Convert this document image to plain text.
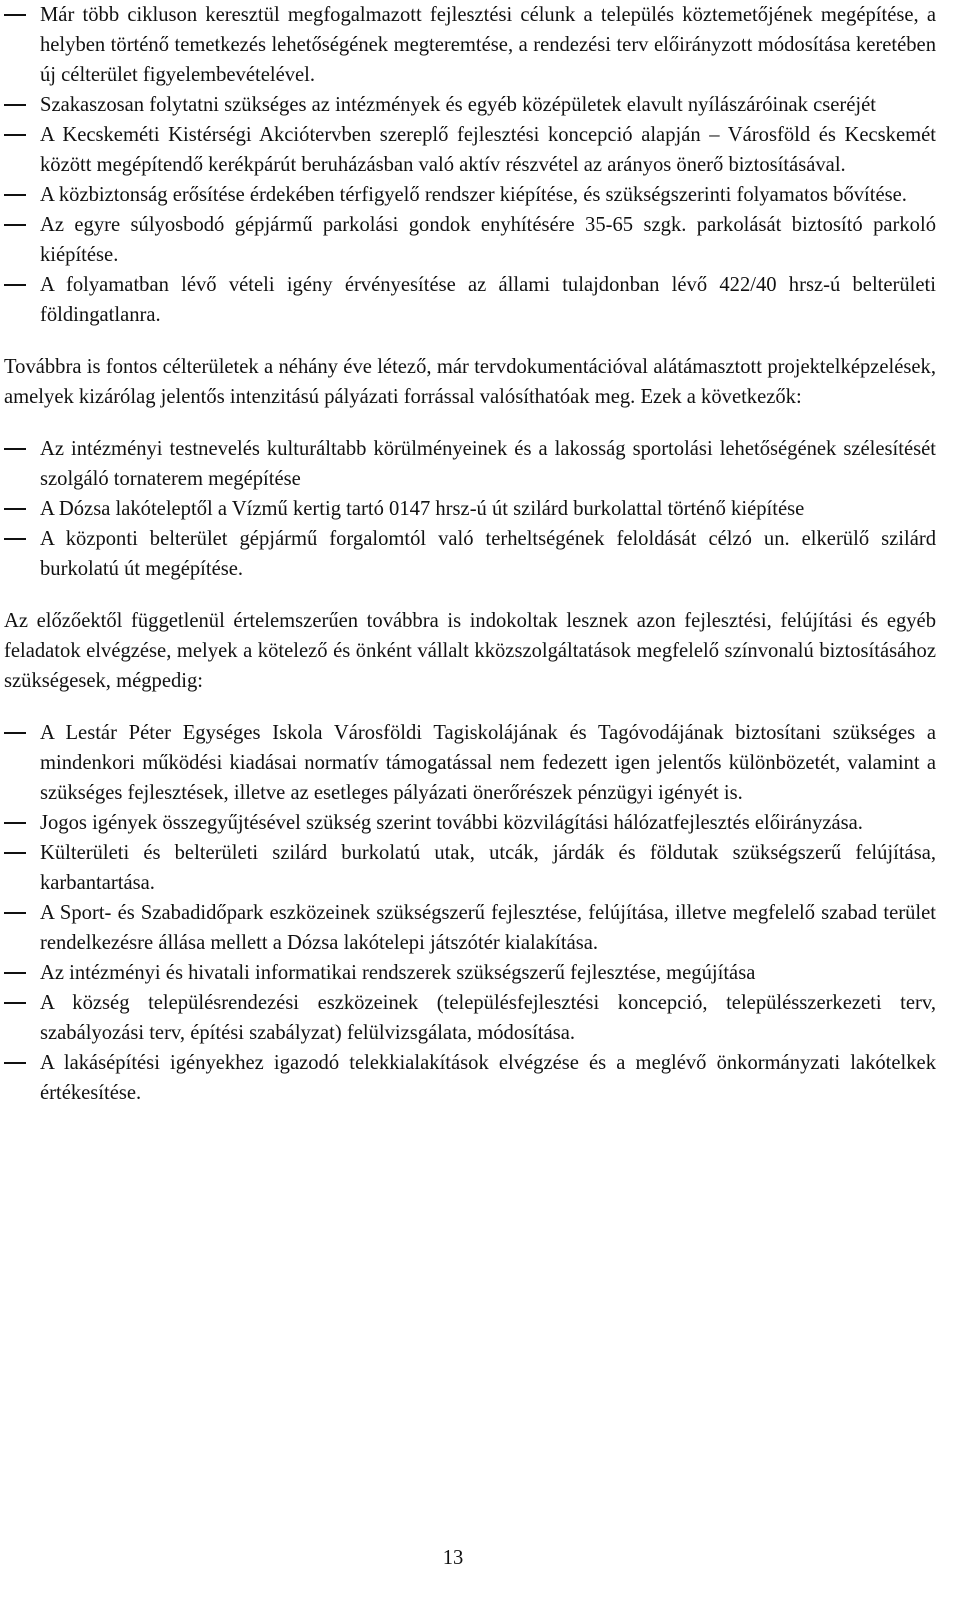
Már több cikluson keresztül megfogalmazott fejlesztési célunk a település köztemetőjének megépítése, a helyben történő temetkezés lehetőségének megteremtése, a rendezési terv előirányzott módosítása keretében új célterület figyelembevételével.
Szakaszosan folytatni szükséges az intézmények és egyéb középületek elavult nyílászáróinak cseréjét
A Kecskeméti Kistérségi Akciótervben szereplő fejlesztési koncepció alapján – Városföld és Kecskemét között megépítendő kerékpárút beruházásban való aktív részvétel az arányos önerő biztosításával.
A közbiztonság erősítése érdekében térfigyelő rendszer kiépítése, és szükségszerinti folyamatos bővítése.
Az egyre súlyosbodó gépjármű parkolási gondok enyhítésére 35-65 szgk. parkolását biztosító parkoló kiépítése.
A folyamatban lévő vételi igény érvényesítése az állami tulajdonban lévő 422/40 hrsz-ú belterületi földingatlanra.

Továbbra is fontos célterületek a néhány éve létező, már tervdokumentációval alátámasztott projektelképzelések, amelyek kizárólag jelentős intenzitású pályázati forrással valósíthatóak meg. Ezek a következők:

Az intézményi testnevelés kulturáltabb körülményeinek és a lakosság sportolási lehetőségének szélesítését szolgáló tornaterem megépítése
A Dózsa lakóteleptől a Vízmű kertig tartó 0147 hrsz-ú út szilárd burkolattal történő kiépítése
A központi belterület gépjármű forgalomtól való terheltségének feloldását célzó un. elkerülő szilárd burkolatú út megépítése.

Az előzőektől függetlenül értelemszerűen továbbra is indokoltak lesznek azon fejlesztési, felújítási és egyéb feladatok elvégzése, melyek a kötelező és önként vállalt kközszolgáltatások megfelelő színvonalú biztosításához szükségesek, mégpedig:

A Lestár Péter Egységes Iskola Városföldi Tagiskolájának és Tagóvodájának biztosítani szükséges a mindenkori működési kiadásai normatív támogatással nem fedezett igen jelentős különbözetét, valamint a szükséges fejlesztések, illetve az esetleges pályázati önerőrészek pénzügyi igényét is.
Jogos igények összegyűjtésével szükség szerint további közvilágítási hálózatfejlesztés előirányzása.
Külterületi és belterületi szilárd burkolatú utak, utcák, járdák és földutak szükségszerű felújítása, karbantartása.
A Sport- és Szabadidőpark eszközeinek szükségszerű fejlesztése, felújítása, illetve megfelelő szabad terület rendelkezésre állása mellett a Dózsa lakótelepi játszótér kialakítása.
Az intézményi és hivatali informatikai rendszerek szükségszerű fejlesztése, megújítása
A község településrendezési eszközeinek (településfejlesztési koncepció, településszerkezeti terv, szabályozási terv, építési szabályzat) felülvizsgálata, módosítása.
A lakásépítési igényekhez igazodó telekkialakítások elvégzése és a meglévő önkormányzati lakótelkek értékesítése.
13
